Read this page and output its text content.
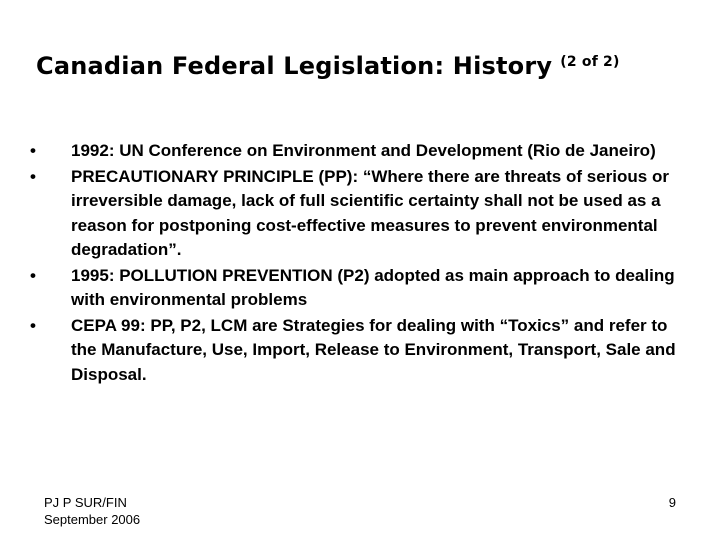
Canadian Federal Legislation: History $^{(2 of 2)}$
•	1992: UN Conference on Environment and Development (Rio de Janeiro)
•	PRECAUTIONARY PRINCIPLE (PP): “Where there are threats of serious or irreversible damage, lack of full scientific certainty shall not be used as a reason for postponing cost-effective measures to prevent environmental degradation”.
•	1995: POLLUTION PREVENTION (P2) adopted as main approach to dealing with environmental problems
•	CEPA 99: PP, P2, LCM are Strategies for dealing with “Toxics” and refer to the Manufacture, Use, Import, Release to Environment, Transport, Sale and Disposal.
PJ P SUR/FIN
September 2006
9
